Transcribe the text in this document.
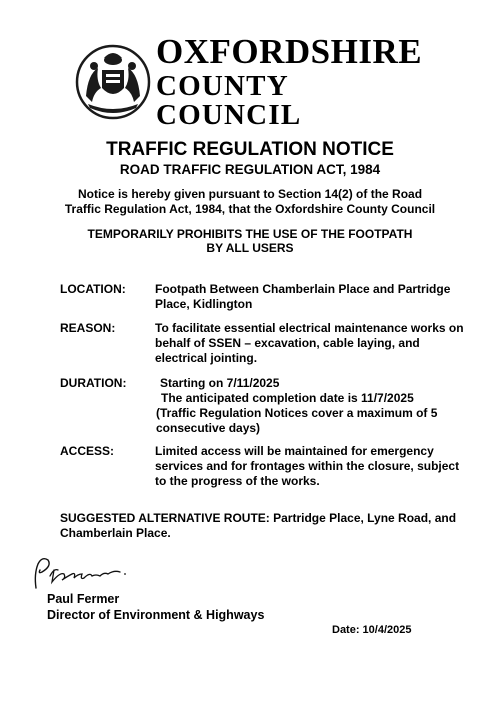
OXFORDSHIRE
COUNTY COUNCIL
TRAFFIC REGULATION NOTICE
ROAD TRAFFIC REGULATION ACT, 1984
Notice is hereby given pursuant to Section 14(2) of the Road Traffic Regulation Act, 1984, that the Oxfordshire County Council
TEMPORARILY PROHIBITS THE USE OF THE FOOTPATH
BY ALL USERS
LOCATION:	Footpath Between Chamberlain Place and Partridge Place, Kidlington
REASON:	To facilitate essential electrical maintenance works on behalf of SSEN – excavation, cable laying, and electrical jointing.
DURATION:	Starting on 7/11/2025
The anticipated completion date is 11/7/2025
(Traffic Regulation Notices cover a maximum of 5 consecutive days)
ACCESS:	Limited access will be maintained for emergency services and for frontages within the closure, subject to the progress of the works.
SUGGESTED ALTERNATIVE ROUTE: Partridge Place, Lyne Road, and Chamberlain Place.
Paul Fermer
Director of Environment & Highways
Date: 10/4/2025
